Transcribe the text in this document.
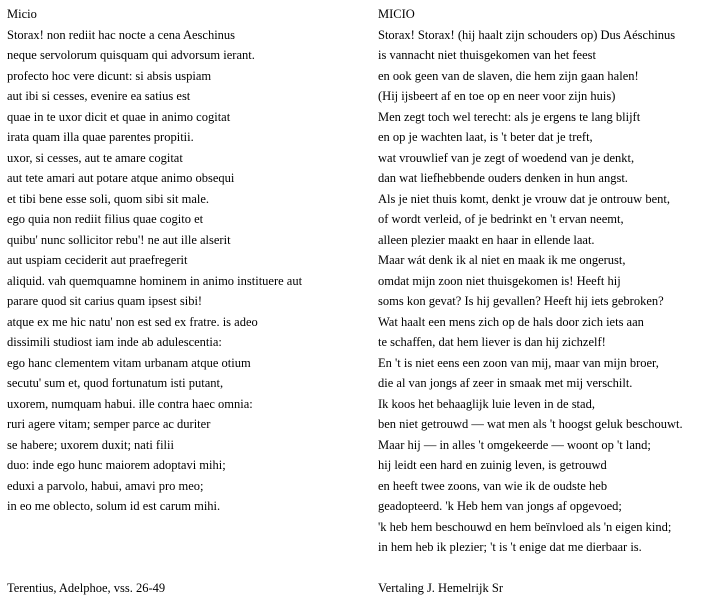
Micio
Storax! non rediit hac nocte a cena Aeschinus
neque servolorum quisquam qui advorsum ierant.
profecto hoc vere dicunt: si absis uspiam
aut ibi si cesses, evenire ea satius est
quae in te uxor dicit et quae in animo cogitat
irata quam illa quae parentes propitii.
uxor, si cesses, aut te amare cogitat
aut tete amari aut potare atque animo obsequi
et tibi bene esse soli, quom sibi sit male.
ego quia non rediit filius quae cogito et
quibu' nunc sollicitor rebu'! ne aut ille alserit
aut uspiam ceciderit aut praefregerit
aliquid. vah quemquamne hominem in animo instituere aut
parare quod sit carius quam ipsest sibi!
atque ex me hic natu' non est sed ex fratre. is adeo
dissimili studiost iam inde ab adulescentia:
ego hanc clementem vitam urbanam atque otium
secutu' sum et, quod fortunatum isti putant,
uxorem, numquam habui. ille contra haec omnia:
ruri agere vitam; semper parce ac duriter
se habere; uxorem duxit; nati filii
duo: inde ego hunc maiorem adoptavi mihi;
eduxi a parvolo, habui, amavi pro meo;
in eo me oblecto, solum id est carum mihi.
MICIO
Storax! Storax! (hij haalt zijn schouders op) Dus Aéschinus
is vannacht niet thuisgekomen van het feest
en ook geen van de slaven, die hem zijn gaan halen!
(Hij ijsbeert af en toe op en neer voor zijn huis)
Men zegt toch wel terecht: als je ergens te lang blijft
en op je wachten laat, is 't beter dat je treft,
wat vrouwlief van je zegt of woedend van je denkt,
dan wat liefhebbende ouders denken in hun angst.
Als je niet thuis komt, denkt je vrouw dat je ontrouw bent,
of wordt verleid, of je bedrinkt en 't ervan neemt,
alleen plezier maakt en haar in ellende laat.
Maar wát denk ik al niet en maak ik me ongerust,
omdat mijn zoon niet thuisgekomen is! Heeft hij
soms kon gevat? Is hij gevallen? Heeft hij iets gebroken?
Wat haalt een mens zich op de hals door zich iets aan
te schaffen, dat hem liever is dan hij zichzelf!
En 't is niet eens een zoon van mij, maar van mijn broer,
die al van jongs af zeer in smaak met mij verschilt.
Ik koos het behaaglijk luie leven in de stad,
ben niet getrouwd — wat men als 't hoogst geluk beschouwt.
Maar hij — in alles 't omgekeerde — woont op 't land;
hij leidt een hard en zuinig leven, is getrouwd
en heeft twee zoons, van wie ik de oudste heb
geadopteerd. 'k Heb hem van jongs af opgevoed;
'k heb hem beschouwd en hem beïnvloed als 'n eigen kind;
in hem heb ik plezier; 't is 't enige dat me dierbaar is.
Terentius, Adelphoe, vss. 26-49	Vertaling J. Hemelrijk Sr
